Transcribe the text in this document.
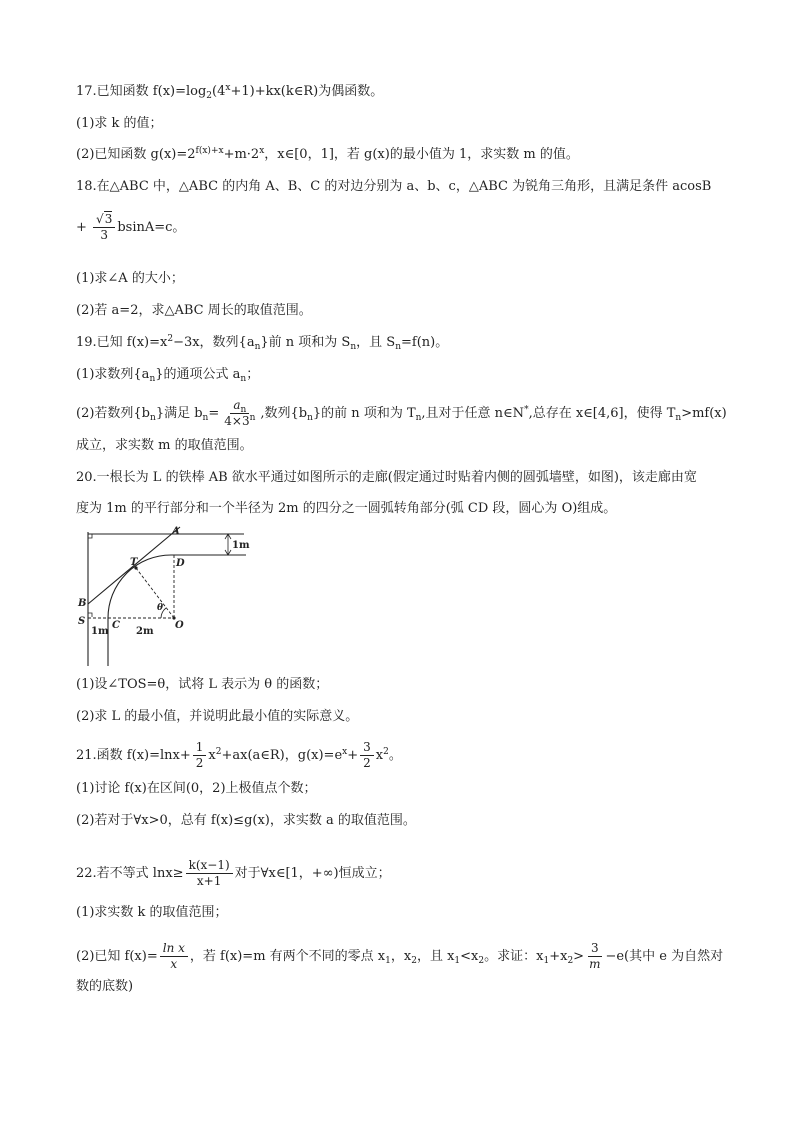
17.已知函数 $f(x)=\log_2(4^x+1)+kx(k\in R)$为偶函数。
(1)求 k 的值；
(2)已知函数 $g(x)=2^{f(x)+x}+m\cdot 2^x$，x∈[0，1]，若 g(x)的最小值为 1，求实数 m 的值。
18.在△ABC 中，△ABC 的内角 A、B、C 的对边分别为 a、b、c，△ABC 为锐角三角形，且满足条件 acosB
+ $\frac{√3}{3} bsinA=c$。
(1)求∠A 的大小；
(2)若 a=2，求△ABC 周长的取值范围。
19.已知 $f(x)=x^2-3x$，数列$\{a_n\}$前 n 项和为 $S_n$，且 $S_n=f(n)$。
(1)求数列$\{a_n\}$的通项公式 $a_n$；
(2)若数列$\{b_n\}$满足 $b_n= \frac{a_n}{4\times 3^n}$ ,数列$\{b_n\}$的前 n 项和为 $T_n$,且对于任意 n∈N*,总存在 x∈[4,6]，使得 $T_n>mf(x)$
成立，求实数 m 的取值范围。
20.一根长为 L 的铁棒 AB 欲水平通过如图所示的走廊(假定通过时贴着内侧的圆弧墙壁，如图)，该走廊由宽
度为 1m 的平行部分和一个半径为 2m 的四分之一圆弧转角部分(弧 CD 段，圆心为 O)组成。
A
T	D
B
S	C	O
θ
1m
1m	2m
(1)设∠TOS=θ，试将 L 表示为 θ 的函数；
(2)求 L 的最小值，并说明此最小值的实际意义。
21.函数 $f(x)=\ln x+ \frac{1}{2}$ $x^2+ax(a\in R)$，$g(x)=e^x+ \frac{3}{2} x^2$。
(1)讨论 f(x)在区间(0，2)上极值点个数；
(2)若对于∀x>0，总有 f(x)≤g(x)，求实数 a 的取值范围。
22.若不等式 $\ln x\ge \frac{k(x-1)}{x+1}$ 对于∀x∈[1，+∞)恒成立；
(1)求实数 k 的取值范围；
(2)已知 $f(x)= \frac{\text{ln x}}{x}$ ，若 f(x)=m 有两个不同的零点 $x_1$，$x_2$，且 $x_1<x_2$。求证：$x_1+x_2> \frac{3}{m} -e$(其中 e 为自然对
数的底数)
